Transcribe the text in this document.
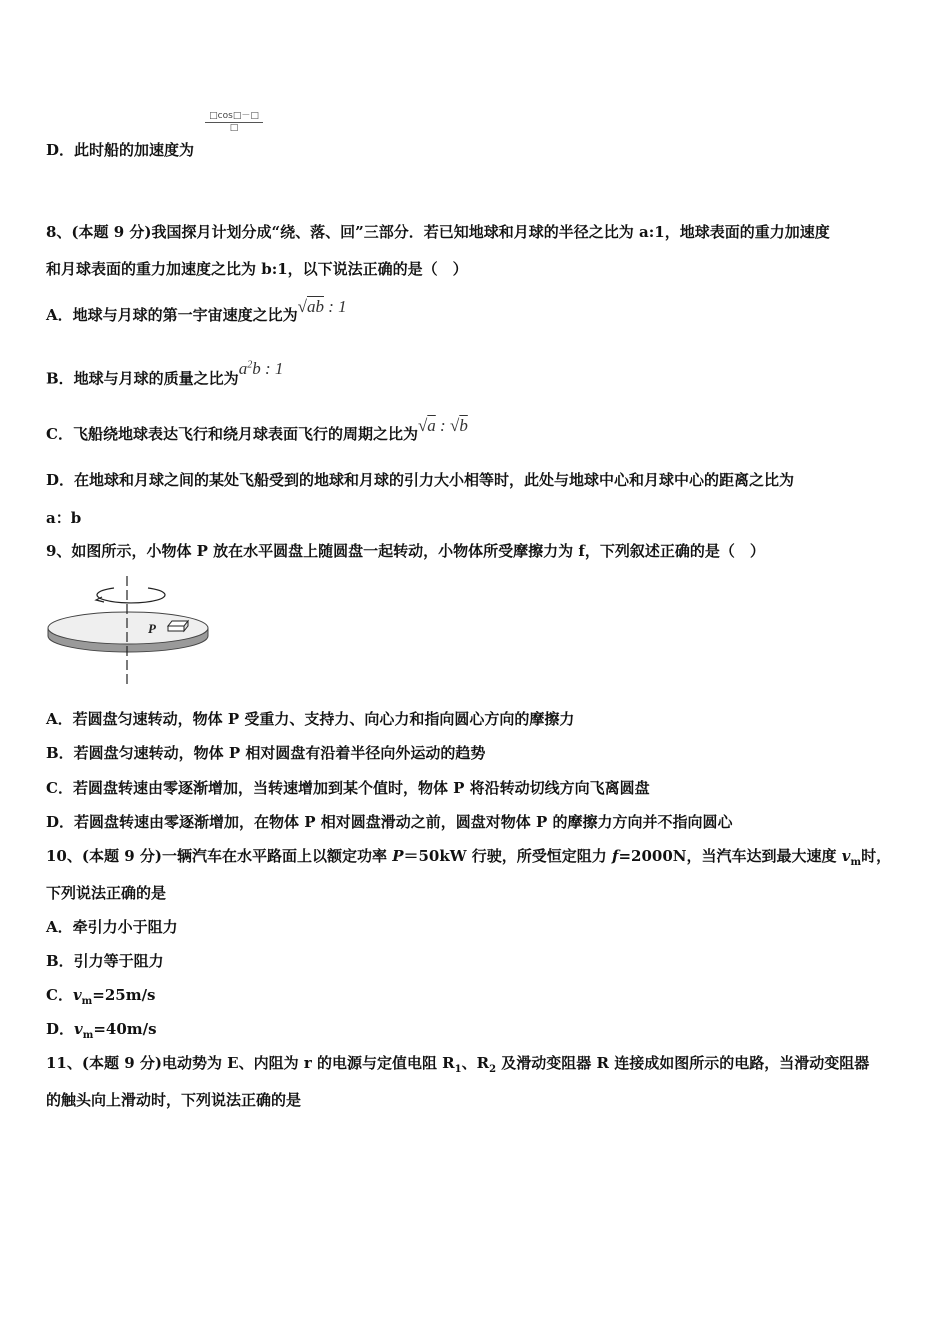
□cos□－□
□
D．此时船的加速度为
8、(本题 9 分)我国探月计划分成“绕、落、回”三部分．若已知地球和月球的半径之比为 a:1，地球表面的重力加速度
和月球表面的重力加速度之比为 b:1，以下说法正确的是（　）
A．地球与月球的第一宇宙速度之比为√ab : 1
B．地球与月球的质量之比为$a^2b$ : 1
C．飞船绕地球表达飞行和绕月球表面飞行的周期之比为√a : √b
D．在地球和月球之间的某处飞船受到的地球和月球的引力大小相等时，此处与地球中心和月球中心的距离之比为
a：b
9、如图所示，小物体 P 放在水平圆盘上随圆盘一起转动，小物体所受摩擦力为 f，下列叙述正确的是（　）
P
A．若圆盘匀速转动，物体 P 受重力、支持力、向心力和指向圆心方向的摩擦力
B．若圆盘匀速转动，物体 P 相对圆盘有沿着半径向外运动的趋势
C．若圆盘转速由零逐渐增加，当转速增加到某个值时，物体 P 将沿转动切线方向飞离圆盘
D．若圆盘转速由零逐渐增加，在物体 P 相对圆盘滑动之前，圆盘对物体 P 的摩擦力方向并不指向圆心
10、(本题 9 分)一辆汽车在水平路面上以额定功率 P＝50kW 行驶，所受恒定阻力 f=2000N，当汽车达到最大速度 $v_m$时，
下列说法正确的是
A．牵引力小于阻力
B．引力等于阻力
C．$v_m=25m/s$
D．$v_m=40m/s$
11、(本题 9 分)电动势为 E、内阻为 r 的电源与定值电阻 $R_1$、$R_2$ 及滑动变阻器 R 连接成如图所示的电路，当滑动变阻器
的触头向上滑动时，下列说法正确的是
